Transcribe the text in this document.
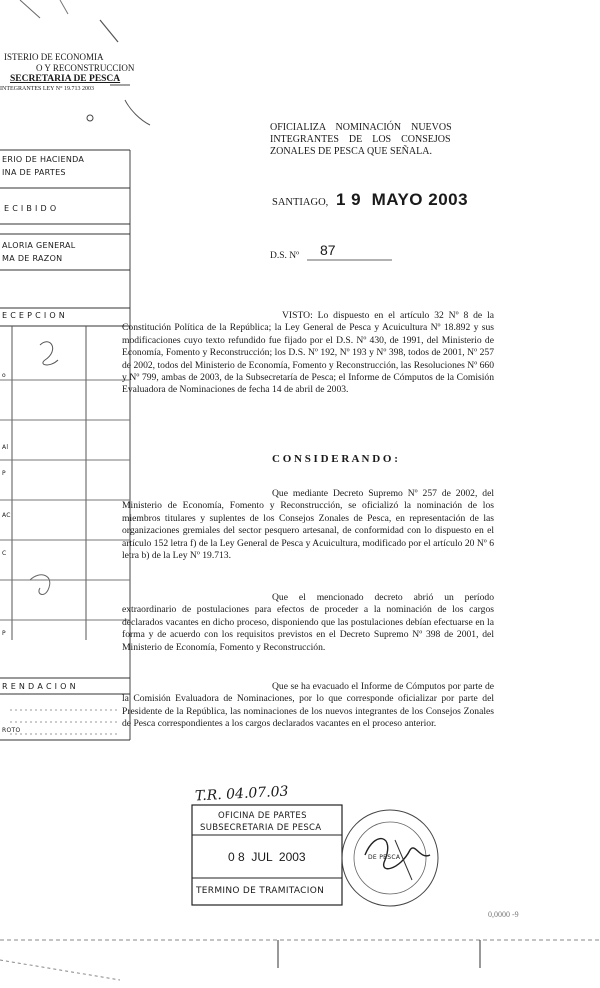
ISTERIO DE ECONOMIA
O Y RECONSTRUCCION
SECRETARIA DE PESCA
INTEGRANTES LEY N° 19.713 2003
ERIO DE HACIENDA
INA DE PARTES
E C I B I D O
ALORIA GENERAL
MA DE RAZON
E C E P C I O N
o
Al
P
AC
C
P
R E N D A C I O N
ROTO
OFICIALIZA    NOMINACIÓN    NUEVOS
INTEGRANTES    DE    LOS    CONSEJOS
ZONALES DE PESCA QUE SEÑALA.
SANTIAGO, 1 9  MAYO 2003
D.S. Nº 87
VISTO: Lo dispuesto en el artículo 32 Nº 8 de la Constitución Política de la República; la Ley General de Pesca y Acuicultura Nº 18.892 y sus modificaciones cuyo texto refundido fue fijado por el D.S. Nº 430, de 1991, del Ministerio de Economía, Fomento y Reconstrucción; los D.S. Nº 192, Nº 193 y Nº 398, todos de 2001, Nº 257 de 2002, todos del Ministerio de Economía, Fomento y Reconstrucción, las Resoluciones Nº 660 y Nº 799, ambas de 2003, de la Subsecretaría de Pesca; el Informe de Cómputos de la Comisión Evaluadora de Nominaciones de fecha 14 de abril de 2003.
C O N S I D E R A N D O :
Que mediante Decreto Supremo Nº 257 de 2002, del Ministerio de Economía, Fomento y Reconstrucción, se oficializó la nominación de los miembros titulares y suplentes de los Consejos Zonales de Pesca, en representación de las organizaciones gremiales del sector pesquero artesanal, de conformidad con lo dispuesto en el artículo 152 letra f) de la Ley General de Pesca y Acuicultura, modificado por el artículo 20 Nº 6 letra b) de la Ley Nº 19.713.
Que el mencionado decreto abrió un período extraordinario de postulaciones para efectos de proceder a la nominación de los cargos declarados vacantes en dicho proceso, disponiendo que las postulaciones debían efectuarse en la forma y de acuerdo con los requisitos previstos en el Decreto Supremo Nº 398 de 2001, del Ministerio de Economía, Fomento y Reconstrucción.
Que se ha evacuado el Informe de Cómputos por parte de la Comisión Evaluadora de Nominaciones, por lo que corresponde oficializar por parte del Presidente de la República, las nominaciones de los nuevos integrantes de los Consejos Zonales de Pesca correspondientes a los cargos declarados vacantes en el proceso anterior.
T.R. 04.07.03
OFICINA DE PARTES
SUBSECRETARIA DE PESCA
0 8  JUL  2003
TERMINO DE TRAMITACION
DE PESCA
0,0000 -9
